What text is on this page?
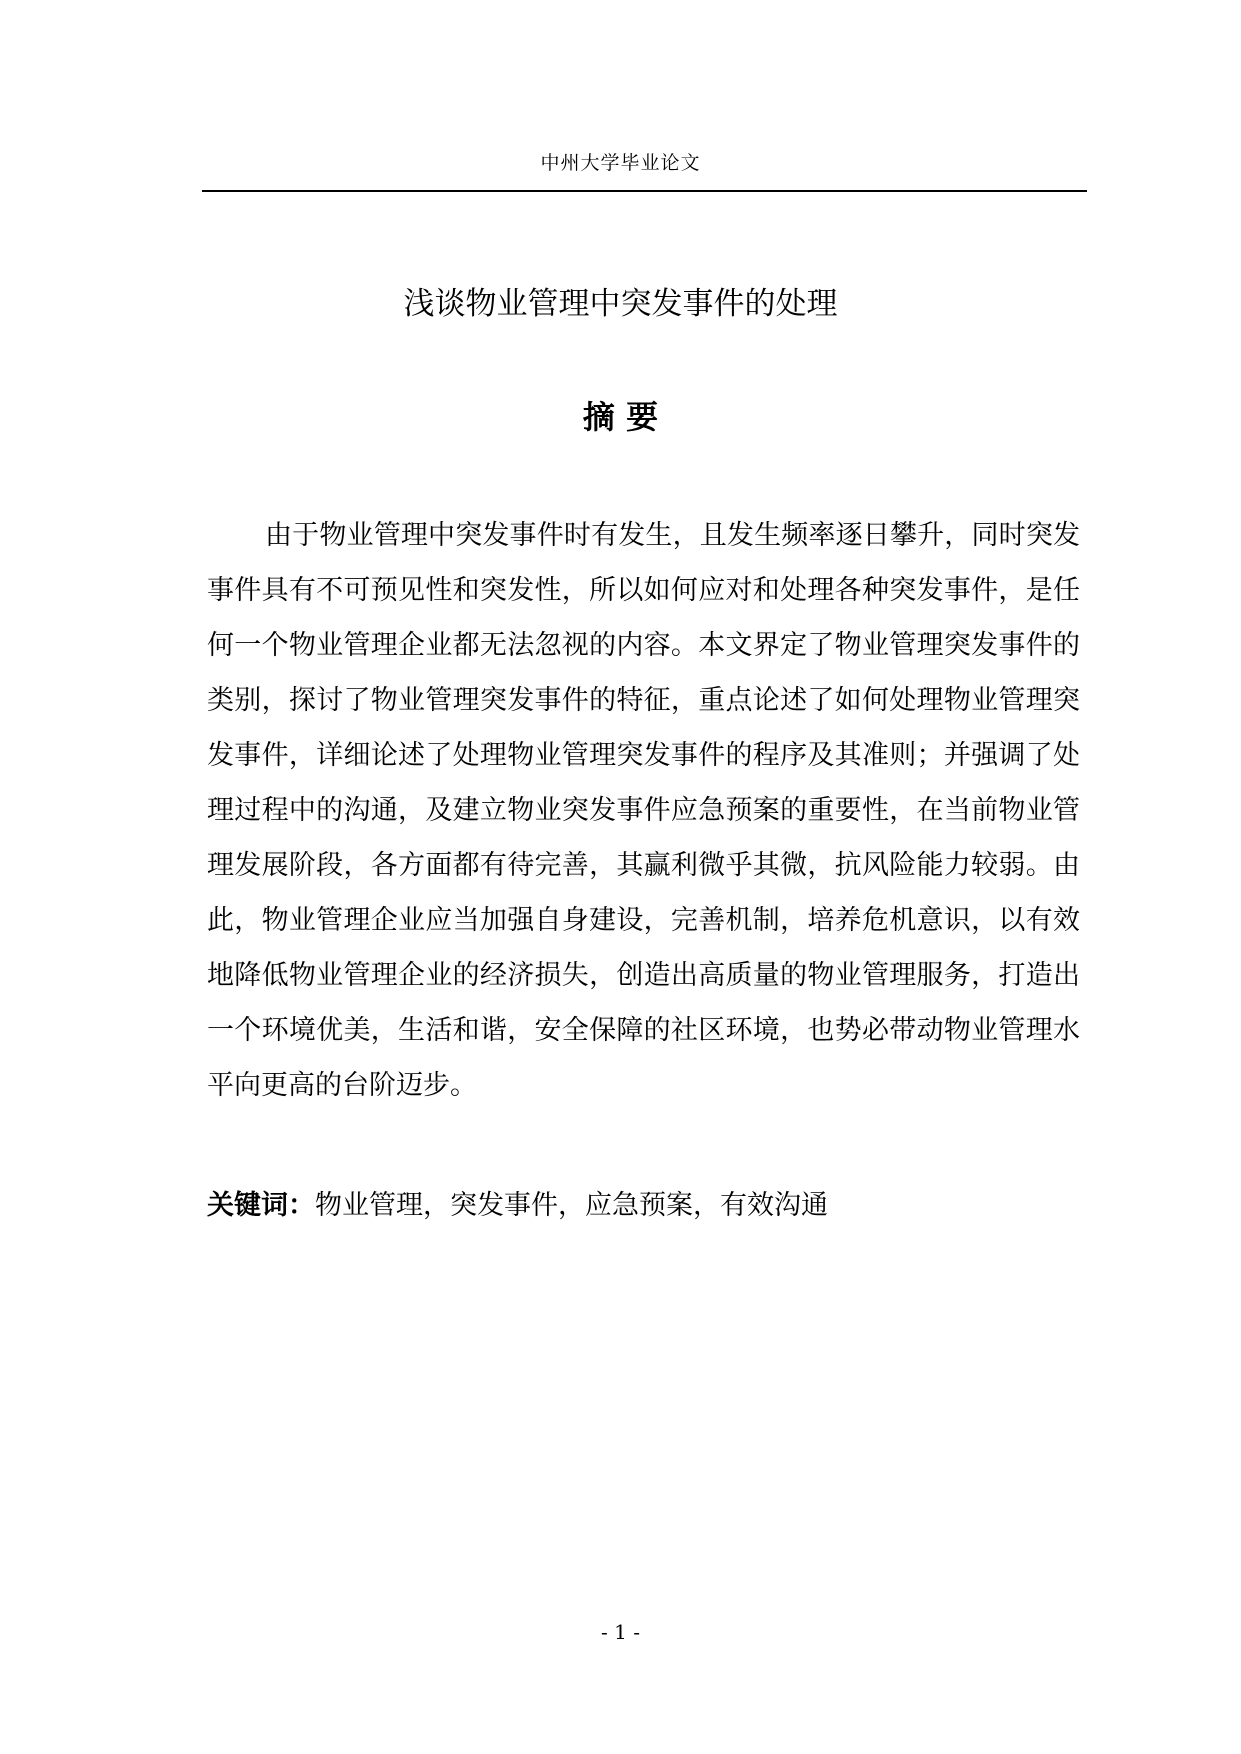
中州大学毕业论文
浅谈物业管理中突发事件的处理
摘 要

由于物业管理中突发事件时有发生，且发生频率逐日攀升，同时突发事件具有不可预见性和突发性，所以如何应对和处理各种突发事件，是任何一个物业管理企业都无法忽视的内容。本文界定了物业管理突发事件的类别，探讨了物业管理突发事件的特征，重点论述了如何处理物业管理突发事件，详细论述了处理物业管理突发事件的程序及其准则；并强调了处理过程中的沟通，及建立物业突发事件应急预案的重要性，在当前物业管理发展阶段，各方面都有待完善，其赢利微乎其微，抗风险能力较弱。由此，物业管理企业应当加强自身建设，完善机制，培养危机意识，以有效地降低物业管理企业的经济损失，创造出高质量的物业管理服务，打造出一个环境优美，生活和谐，安全保障的社区环境，也势必带动物业管理水平向更高的台阶迈步。

关键词：物业管理，突发事件，应急预案，有效沟通
- 1 -
